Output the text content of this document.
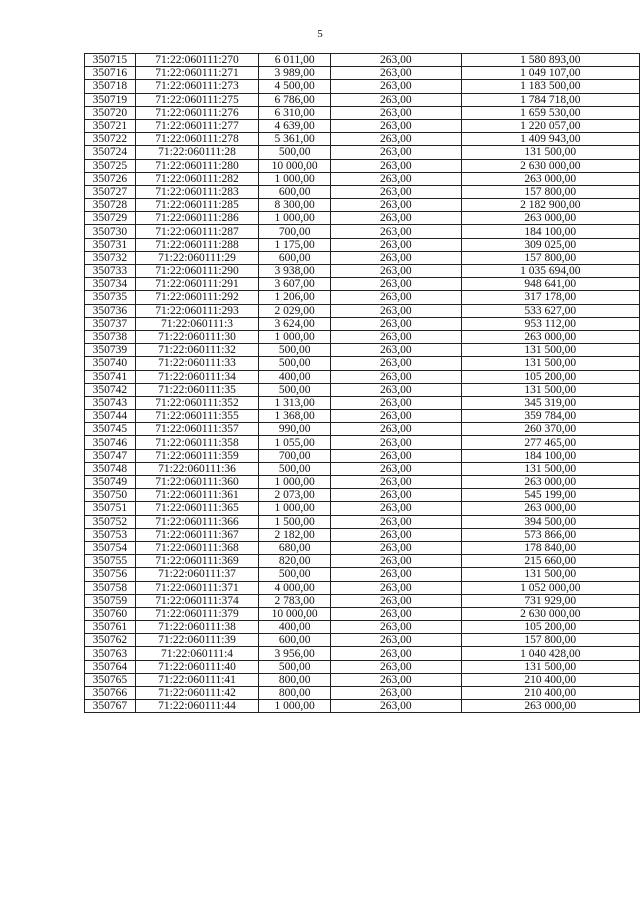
5
350715	71:22:060111:270	6 011,00	263,00	1 580 893,00
350716	71:22:060111:271	3 989,00	263,00	1 049 107,00
350718	71:22:060111:273	4 500,00	263,00	1 183 500,00
350719	71:22:060111:275	6 786,00	263,00	1 784 718,00
350720	71:22:060111:276	6 310,00	263,00	1 659 530,00
350721	71:22:060111:277	4 639,00	263,00	1 220 057,00
350722	71:22:060111:278	5 361,00	263,00	1 409 943,00
350724	71:22:060111:28	500,00	263,00	131 500,00
350725	71:22:060111:280	10 000,00	263,00	2 630 000,00
350726	71:22:060111:282	1 000,00	263,00	263 000,00
350727	71:22:060111:283	600,00	263,00	157 800,00
350728	71:22:060111:285	8 300,00	263,00	2 182 900,00
350729	71:22:060111:286	1 000,00	263,00	263 000,00
350730	71:22:060111:287	700,00	263,00	184 100,00
350731	71:22:060111:288	1 175,00	263,00	309 025,00
350732	71:22:060111:29	600,00	263,00	157 800,00
350733	71:22:060111:290	3 938,00	263,00	1 035 694,00
350734	71:22:060111:291	3 607,00	263,00	948 641,00
350735	71:22:060111:292	1 206,00	263,00	317 178,00
350736	71:22:060111:293	2 029,00	263,00	533 627,00
350737	71:22:060111:3	3 624,00	263,00	953 112,00
350738	71:22:060111:30	1 000,00	263,00	263 000,00
350739	71:22:060111:32	500,00	263,00	131 500,00
350740	71:22:060111:33	500,00	263,00	131 500,00
350741	71:22:060111:34	400,00	263,00	105 200,00
350742	71:22:060111:35	500,00	263,00	131 500,00
350743	71:22:060111:352	1 313,00	263,00	345 319,00
350744	71:22:060111:355	1 368,00	263,00	359 784,00
350745	71:22:060111:357	990,00	263,00	260 370,00
350746	71:22:060111:358	1 055,00	263,00	277 465,00
350747	71:22:060111:359	700,00	263,00	184 100,00
350748	71:22:060111:36	500,00	263,00	131 500,00
350749	71:22:060111:360	1 000,00	263,00	263 000,00
350750	71:22:060111:361	2 073,00	263,00	545 199,00
350751	71:22:060111:365	1 000,00	263,00	263 000,00
350752	71:22:060111:366	1 500,00	263,00	394 500,00
350753	71:22:060111:367	2 182,00	263,00	573 866,00
350754	71:22:060111:368	680,00	263,00	178 840,00
350755	71:22:060111:369	820,00	263,00	215 660,00
350756	71:22:060111:37	500,00	263,00	131 500,00
350758	71:22:060111:371	4 000,00	263,00	1 052 000,00
350759	71:22:060111:374	2 783,00	263,00	731 929,00
350760	71:22:060111:379	10 000,00	263,00	2 630 000,00
350761	71:22:060111:38	400,00	263,00	105 200,00
350762	71:22:060111:39	600,00	263,00	157 800,00
350763	71:22:060111:4	3 956,00	263,00	1 040 428,00
350764	71:22:060111:40	500,00	263,00	131 500,00
350765	71:22:060111:41	800,00	263,00	210 400,00
350766	71:22:060111:42	800,00	263,00	210 400,00
350767	71:22:060111:44	1 000,00	263,00	263 000,00
